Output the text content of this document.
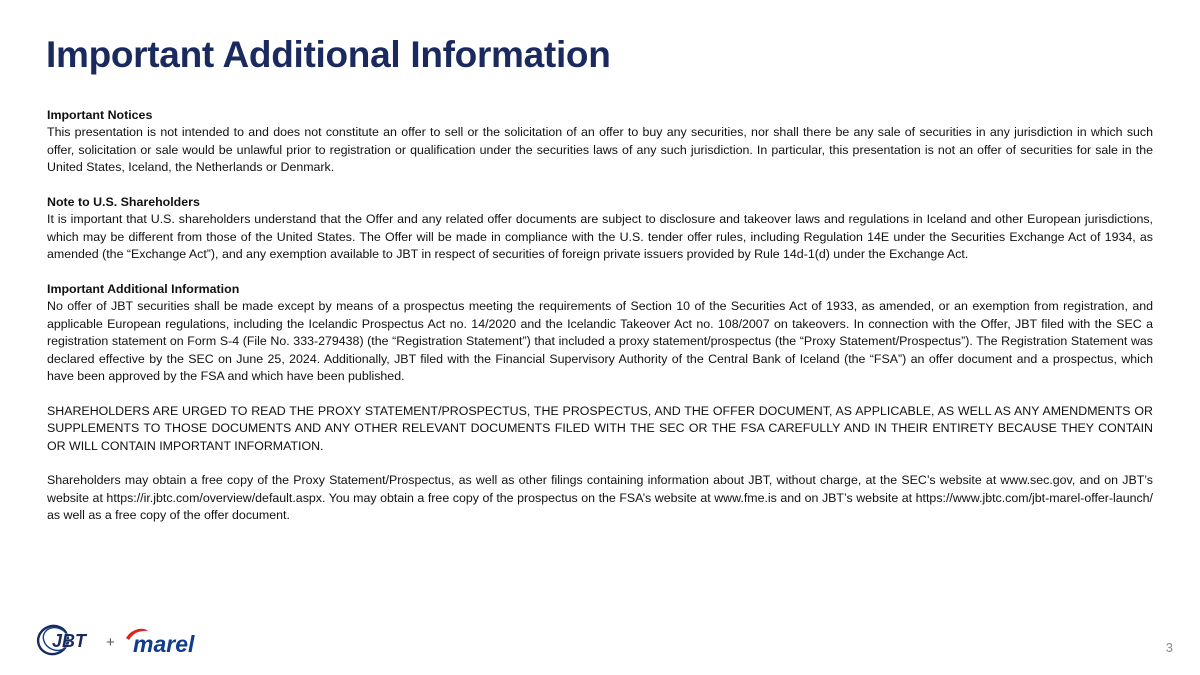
Important Additional Information
Important Notices
This presentation is not intended to and does not constitute an offer to sell or the solicitation of an offer to buy any securities, nor shall there be any sale of securities in any jurisdiction in which such offer, solicitation or sale would be unlawful prior to registration or qualification under the securities laws of any such jurisdiction. In particular, this presentation is not an offer of securities for sale in the United States, Iceland, the Netherlands or Denmark.
Note to U.S. Shareholders
It is important that U.S. shareholders understand that the Offer and any related offer documents are subject to disclosure and takeover laws and regulations in Iceland and other European jurisdictions, which may be different from those of the United States. The Offer will be made in compliance with the U.S. tender offer rules, including Regulation 14E under the Securities Exchange Act of 1934, as amended (the “Exchange Act”), and any exemption available to JBT in respect of securities of foreign private issuers provided by Rule 14d-1(d) under the Exchange Act.
Important Additional Information
No offer of JBT securities shall be made except by means of a prospectus meeting the requirements of Section 10 of the Securities Act of 1933, as amended, or an exemption from registration, and applicable European regulations, including the Icelandic Prospectus Act no. 14/2020 and the Icelandic Takeover Act no. 108/2007 on takeovers. In connection with the Offer, JBT filed with the SEC a registration statement on Form S-4 (File No. 333-279438) (the “Registration Statement”) that included a proxy statement/prospectus (the “Proxy Statement/Prospectus”). The Registration Statement was declared effective by the SEC on June 25, 2024. Additionally, JBT filed with the Financial Supervisory Authority of the Central Bank of Iceland (the “FSA”) an offer document and a prospectus, which have been approved by the FSA and which have been published.

SHAREHOLDERS ARE URGED TO READ THE PROXY STATEMENT/PROSPECTUS, THE PROSPECTUS, AND THE OFFER DOCUMENT, AS APPLICABLE, AS WELL AS ANY AMENDMENTS OR SUPPLEMENTS TO THOSE DOCUMENTS AND ANY OTHER RELEVANT DOCUMENTS FILED WITH THE SEC OR THE FSA CAREFULLY AND IN THEIR ENTIRETY BECAUSE THEY CONTAIN OR WILL CONTAIN IMPORTANT INFORMATION.

Shareholders may obtain a free copy of the Proxy Statement/Prospectus, as well as other filings containing information about JBT, without charge, at the SEC’s website at www.sec.gov, and on JBT’s website at https://ir.jbtc.com/overview/default.aspx. You may obtain a free copy of the prospectus on the FSA’s website at www.fme.is and on JBT’s website at https://www.jbtc.com/jbt-marel-offer-launch/ as well as a free copy of the offer document.

JBT + marel	3
